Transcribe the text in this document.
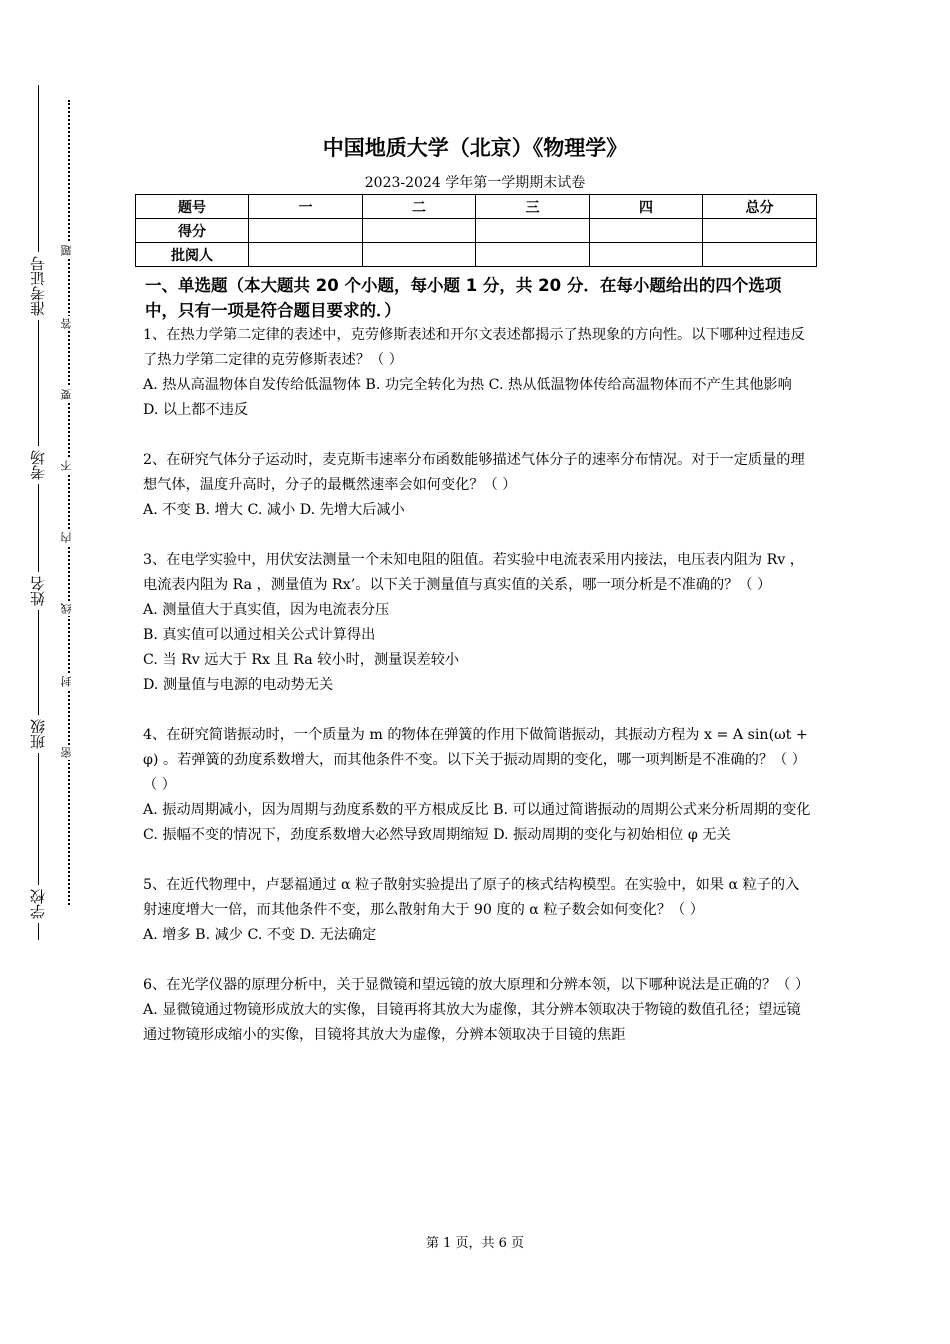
准考证号
考场
姓名
班级
学校
题
答
要
不
内
线
封
密
中国地质大学（北京）《物理学》
2023-2024 学年第一学期期末试卷
题号	一	二	三	四	总分
得分					
批阅人					
一、单选题（本大题共 20 个小题，每小题 1 分，共 20 分．在每小题给出的四个选项中，只有一项是符合题目要求的．）

1、在热力学第二定律的表述中，克劳修斯表述和开尔文表述都揭示了热现象的方向性。以下哪种过程违反了热力学第二定律的克劳修斯表述？（ ）

A. 热从高温物体自发传给低温物体 B. 功完全转化为热 C. 热从低温物体传给高温物体而不产生其他影响 D. 以上都不违反

2、在研究气体分子运动时，麦克斯韦速率分布函数能够描述气体分子的速率分布情况。对于一定质量的理想气体，温度升高时，分子的最概然速率会如何变化？（ ）

A. 不变 B. 增大 C. 减小 D. 先增大后减小

3、在电学实验中，用伏安法测量一个未知电阻的阻值。若实验中电流表采用内接法，电压表内阻为 Rv ，电流表内阻为 Ra ，测量值为 Rx’。以下关于测量值与真实值的关系，哪一项分析是不准确的？（ ）

A. 测量值大于真实值，因为电流表分压

B. 真实值可以通过相关公式计算得出

C. 当 Rv 远大于 Rx 且 Ra 较小时，测量误差较小

D. 测量值与电源的电动势无关

4、在研究简谐振动时，一个质量为 m 的物体在弹簧的作用下做简谐振动，其振动方程为 x = A sin(ωt + φ) 。若弹簧的劲度系数增大，而其他条件不变。以下关于振动周期的变化，哪一项判断是不准确的？（ ） （ ）

A. 振动周期减小，因为周期与劲度系数的平方根成反比 B. 可以通过简谐振动的周期公式来分析周期的变化 C. 振幅不变的情况下，劲度系数增大必然导致周期缩短 D. 振动周期的变化与初始相位 φ 无关

5、在近代物理中，卢瑟福通过 α 粒子散射实验提出了原子的核式结构模型。在实验中，如果 α 粒子的入射速度增大一倍，而其他条件不变，那么散射角大于 90 度的 α 粒子数会如何变化？（ ）

A. 增多 B. 减少 C. 不变 D. 无法确定

6、在光学仪器的原理分析中，关于显微镜和望远镜的放大原理和分辨本领，以下哪种说法是正确的？（ ）

A. 显微镜通过物镜形成放大的实像，目镜再将其放大为虚像，其分辨本领取决于物镜的数值孔径；望远镜通过物镜形成缩小的实像，目镜将其放大为虚像，分辨本领取决于目镜的焦距

第 1 页，共 6 页
